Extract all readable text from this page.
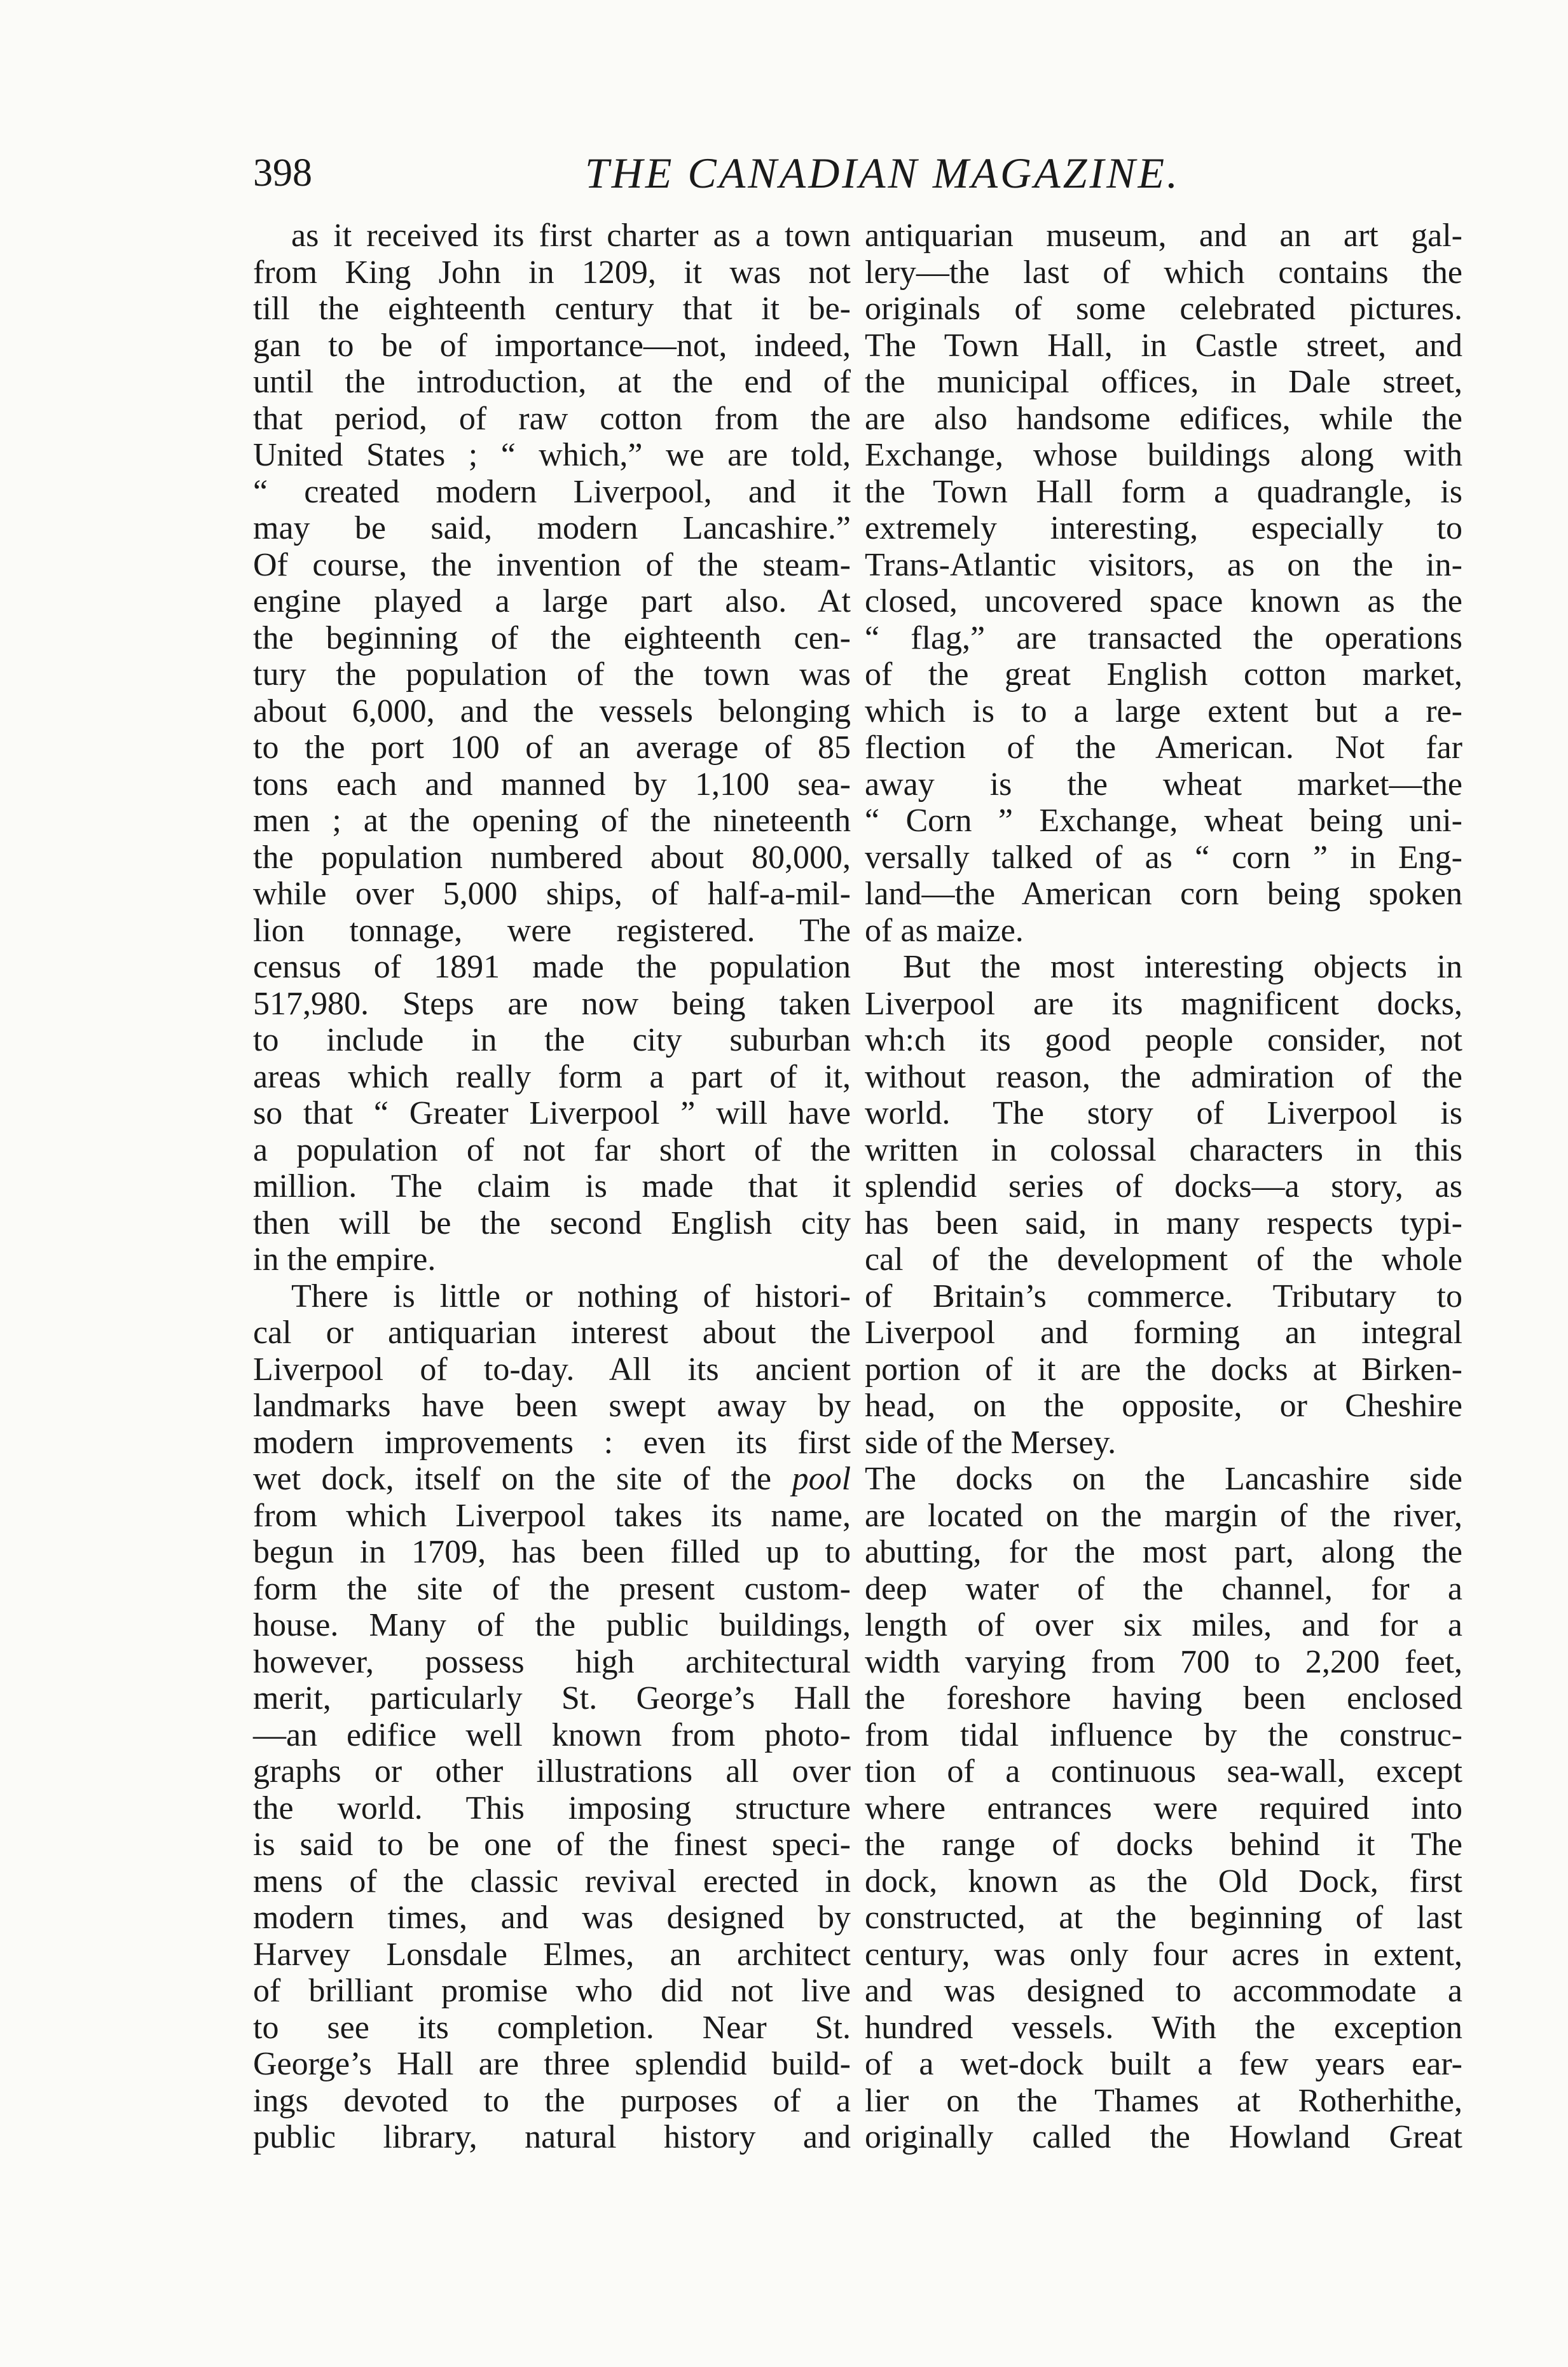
398	THE CANADIAN MAGAZINE.

as it received its first charter as a town
from King John in 1209, it was not
till the eighteenth century that it be-
gan to be of importance—not, indeed,
until the introduction, at the end of
that period, of raw cotton from the
United States ; “ which,” we are told,
“ created modern Liverpool, and it
may be said, modern Lancashire.”
Of course, the invention of the steam-
engine played a large part also. At
the beginning of the eighteenth cen-
tury the population of the town was
about 6,000, and the vessels belonging
to the port 100 of an average of 85
tons each and manned by 1,100 sea-
men ; at the opening of the nineteenth
the population numbered about 80,000,
while over 5,000 ships, of half-a-mil-
lion tonnage, were registered. The
census of 1891 made the population
517,980. Steps are now being taken
to include in the city suburban
areas which really form a part of it,
so that “ Greater Liverpool ” will have
a population of not far short of the
million. The claim is made that it
then will be the second English city
in the empire.

There is little or nothing of histori-
cal or antiquarian interest about the
Liverpool of to-day. All its ancient
landmarks have been swept away by
modern improvements : even its first
wet dock, itself on the site of the pool
from which Liverpool takes its name,
begun in 1709, has been filled up to
form the site of the present custom-
house. Many of the public buildings,
however, possess high architectural
merit, particularly St. George’s Hall
—an edifice well known from photo-
graphs or other illustrations all over
the world. This imposing structure
is said to be one of the finest speci-
mens of the classic revival erected in
modern times, and was designed by
Harvey Lonsdale Elmes, an architect
of brilliant promise who did not live
to see its completion. Near St.
George’s Hall are three splendid build-
ings devoted to the purposes of a
public library, natural history and

antiquarian museum, and an art gal-
lery—the last of which contains the
originals of some celebrated pictures.
The Town Hall, in Castle street, and
the municipal offices, in Dale street,
are also handsome edifices, while the
Exchange, whose buildings along with
the Town Hall form a quadrangle, is
extremely interesting, especially to
Trans-Atlantic visitors, as on the in-
closed, uncovered space known as the
“ flag,” are transacted the operations
of the great English cotton market,
which is to a large extent but a re-
flection of the American. Not far
away is the wheat market—the
“ Corn ” Exchange, wheat being uni-
versally talked of as “ corn ” in Eng-
land—the American corn being spoken
of as maize.

But the most interesting objects in
Liverpool are its magnificent docks,
wh:ch its good people consider, not
without reason, the admiration of the
world. The story of Liverpool is
written in colossal characters in this
splendid series of docks—a story, as
has been said, in many respects typi-
cal of the development of the whole
of Britain’s commerce. Tributary to
Liverpool and forming an integral
portion of it are the docks at Birken-
head, on the opposite, or Cheshire
side of the Mersey.

The docks on the Lancashire side
are located on the margin of the river,
abutting, for the most part, along the
deep water of the channel, for a
length of over six miles, and for a
width varying from 700 to 2,200 feet,
the foreshore having been enclosed
from tidal influence by the construc-
tion of a continuous sea-wall, except
where entrances were required into
the range of docks behind it The
dock, known as the Old Dock, first
constructed, at the beginning of last
century, was only four acres in extent,
and was designed to accommodate a
hundred vessels. With the exception
of a wet-dock built a few years ear-
lier on the Thames at Rotherhithe,
originally called the Howland Great
